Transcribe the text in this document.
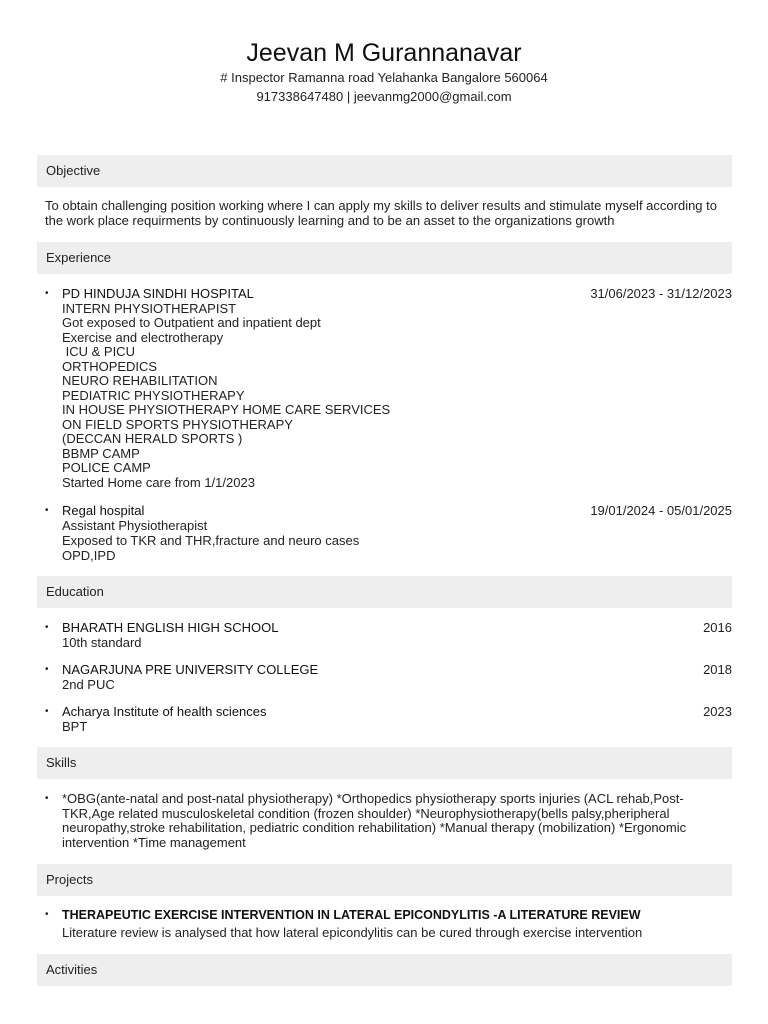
Jeevan M Gurannanavar
# Inspector Ramanna road Yelahanka Bangalore 560064
917338647480 | jeevanmg2000@gmail.com
Objective
To obtain challenging position working where I can apply my skills to deliver results and stimulate myself according to the work place requirments by continuously learning and to be an asset to the organizations growth
Experience
•	PD HINDUJA SINDHI HOSPITAL
INTERN PHYSIOTHERAPIST
Got exposed to Outpatient and inpatient dept
Exercise and electrotherapy
ICU & PICU
ORTHOPEDICS
NEURO REHABILITATION
PEDIATRIC PHYSIOTHERAPY
IN HOUSE PHYSIOTHERAPY HOME CARE SERVICES
ON FIELD SPORTS PHYSIOTHERAPY
(DECCAN HERALD SPORTS )
BBMP CAMP
POLICE CAMP
Started Home care from 1/1/2023
31/06/2023 - 31/12/2023
•	Regal hospital
Assistant Physiotherapist
Exposed to TKR and THR,fracture and neuro cases
OPD,IPD
19/01/2024 - 05/01/2025
Education
•	BHARATH ENGLISH HIGH SCHOOL
10th standard
2016
•	NAGARJUNA PRE UNIVERSITY COLLEGE
2nd PUC
2018
•	Acharya Institute of health sciences
BPT
2023
Skills
• *OBG(ante-natal and post-natal physiotherapy) *Orthopedics physiotherapy sports injuries (ACL rehab,Post-TKR,Age related musculoskeletal condition (frozen shoulder) *Neurophysiotherapy(bells palsy,pheripheral neuropathy,stroke rehabilitation, pediatric condition rehabilitation) *Manual therapy (mobilization) *Ergonomic intervention *Time management
Projects
•	THERAPEUTIC EXERCISE INTERVENTION IN LATERAL EPICONDYLITIS -A LITERATURE REVIEW
Literature review is analysed that how lateral epicondylitis can be cured through exercise intervention
Activities
